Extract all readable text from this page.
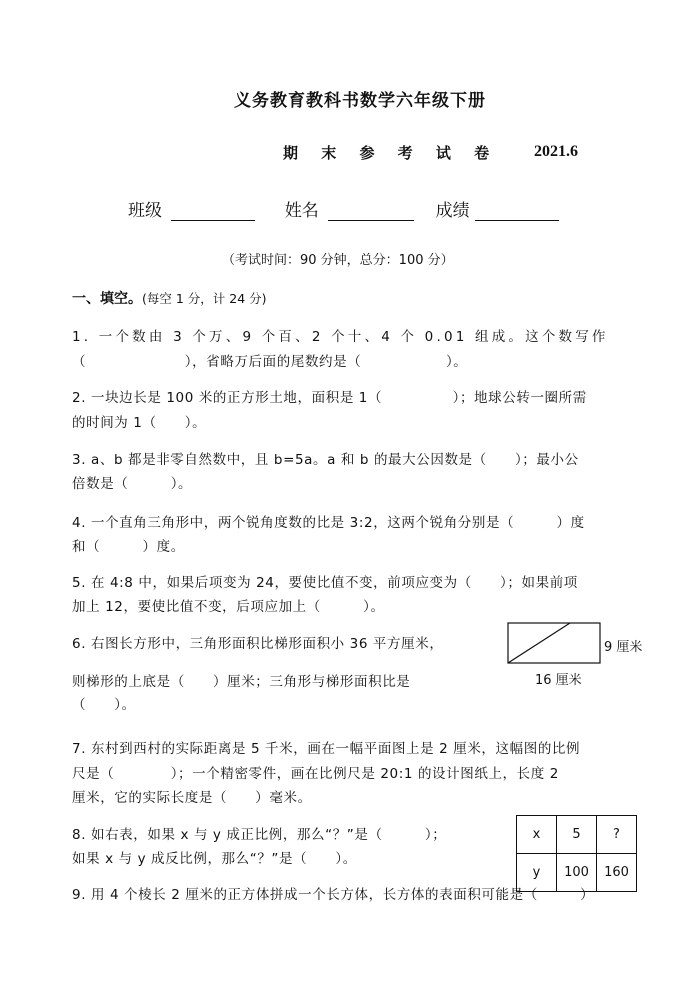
义务教育教科书数学六年级下册
期 末 参 考 试 卷 2021.6
班级	姓名	成绩
（考试时间：90 分钟，总分：100 分）
一、填空。(每空 1 分，计 24 分)
1. 一个数由 3 个万、9 个百、2 个十、4 个 0.01 组成。这个数写作
（　　　　　　　），省略万后面的尾数约是（　　　　　　）。
2. 一块边长是 100 米的正方形土地，面积是 1（　　　　　）；地球公转一圈所需
的时间为 1（　　）。
3. a、b 都是非零自然数中，且 b=5a。a 和 b 的最大公因数是（　　）；最小公
倍数是（　　　）。
4. 一个直角三角形中，两个锐角度数的比是 3:2，这两个锐角分别是（　　　）度
和（　　　）度。
5. 在 4:8 中，如果后项变为 24，要使比值不变，前项应变为（　　）；如果前项
加上 12，要使比值不变，后项应加上（　　　）。
6. 右图长方形中，三角形面积比梯形面积小 36 平方厘米，
则梯形的上底是（　　）厘米；三角形与梯形面积比是
（　　）。
9 厘米
16 厘米
7. 东村到西村的实际距离是 5 千米，画在一幅平面图上是 2 厘米，这幅图的比例
尺是（　　　　）；一个精密零件，画在比例尺是 20:1 的设计图纸上，长度 2
厘米，它的实际长度是（　　）毫米。
x	5	?
y	100	160
8. 如右表，如果 x 与 y 成正比例，那么“？”是（　　　）；
如果 x 与 y 成反比例，那么“？”是（　　）。
9. 用 4 个棱长 2 厘米的正方体拼成一个长方体，长方体的表面积可能是（　　　）
